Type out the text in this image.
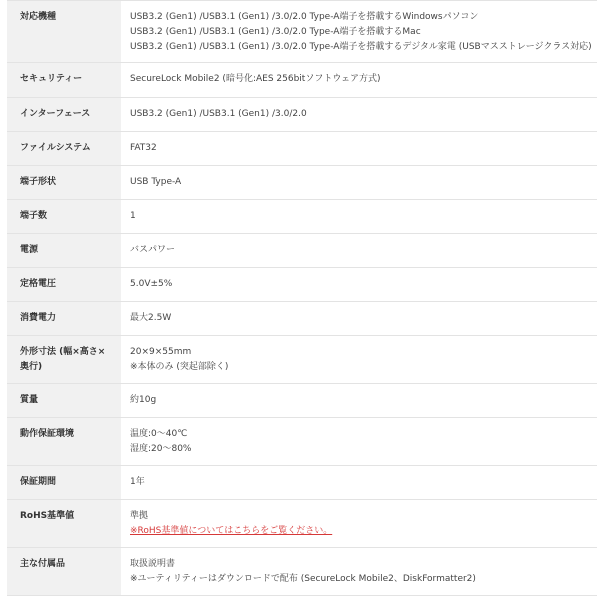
対応機種	USB3.2 (Gen1) /USB3.1 (Gen1) /3.0/2.0 Type-A端子を搭載するWindowsパソコン
USB3.2 (Gen1) /USB3.1 (Gen1) /3.0/2.0 Type-A端子を搭載するMac
USB3.2 (Gen1) /USB3.1 (Gen1) /3.0/2.0 Type-A端子を搭載するデジタル家電 (USBマスストレージクラス対応)

セキュリティー	SecureLock Mobile2 (暗号化:AES 256bitソフトウェア方式)

インターフェース	USB3.2 (Gen1) /USB3.1 (Gen1) /3.0/2.0

ファイルシステム	FAT32

端子形状	USB Type-A

端子数	1

電源	バスパワー

定格電圧	5.0V±5%

消費電力	最大2.5W

外形寸法 (幅×高さ×奥行)	20×9×55mm
※本体のみ (突起部除く)

質量	約10g

動作保証環境	温度:0～40℃
湿度:20～80%

保証期間	1年

RoHS基準値	準拠
※RoHS基準値についてはこちらをご覧ください。

主な付属品	取扱説明書
※ユーティリティーはダウンロードで配布 (SecureLock Mobile2、DiskFormatter2)
